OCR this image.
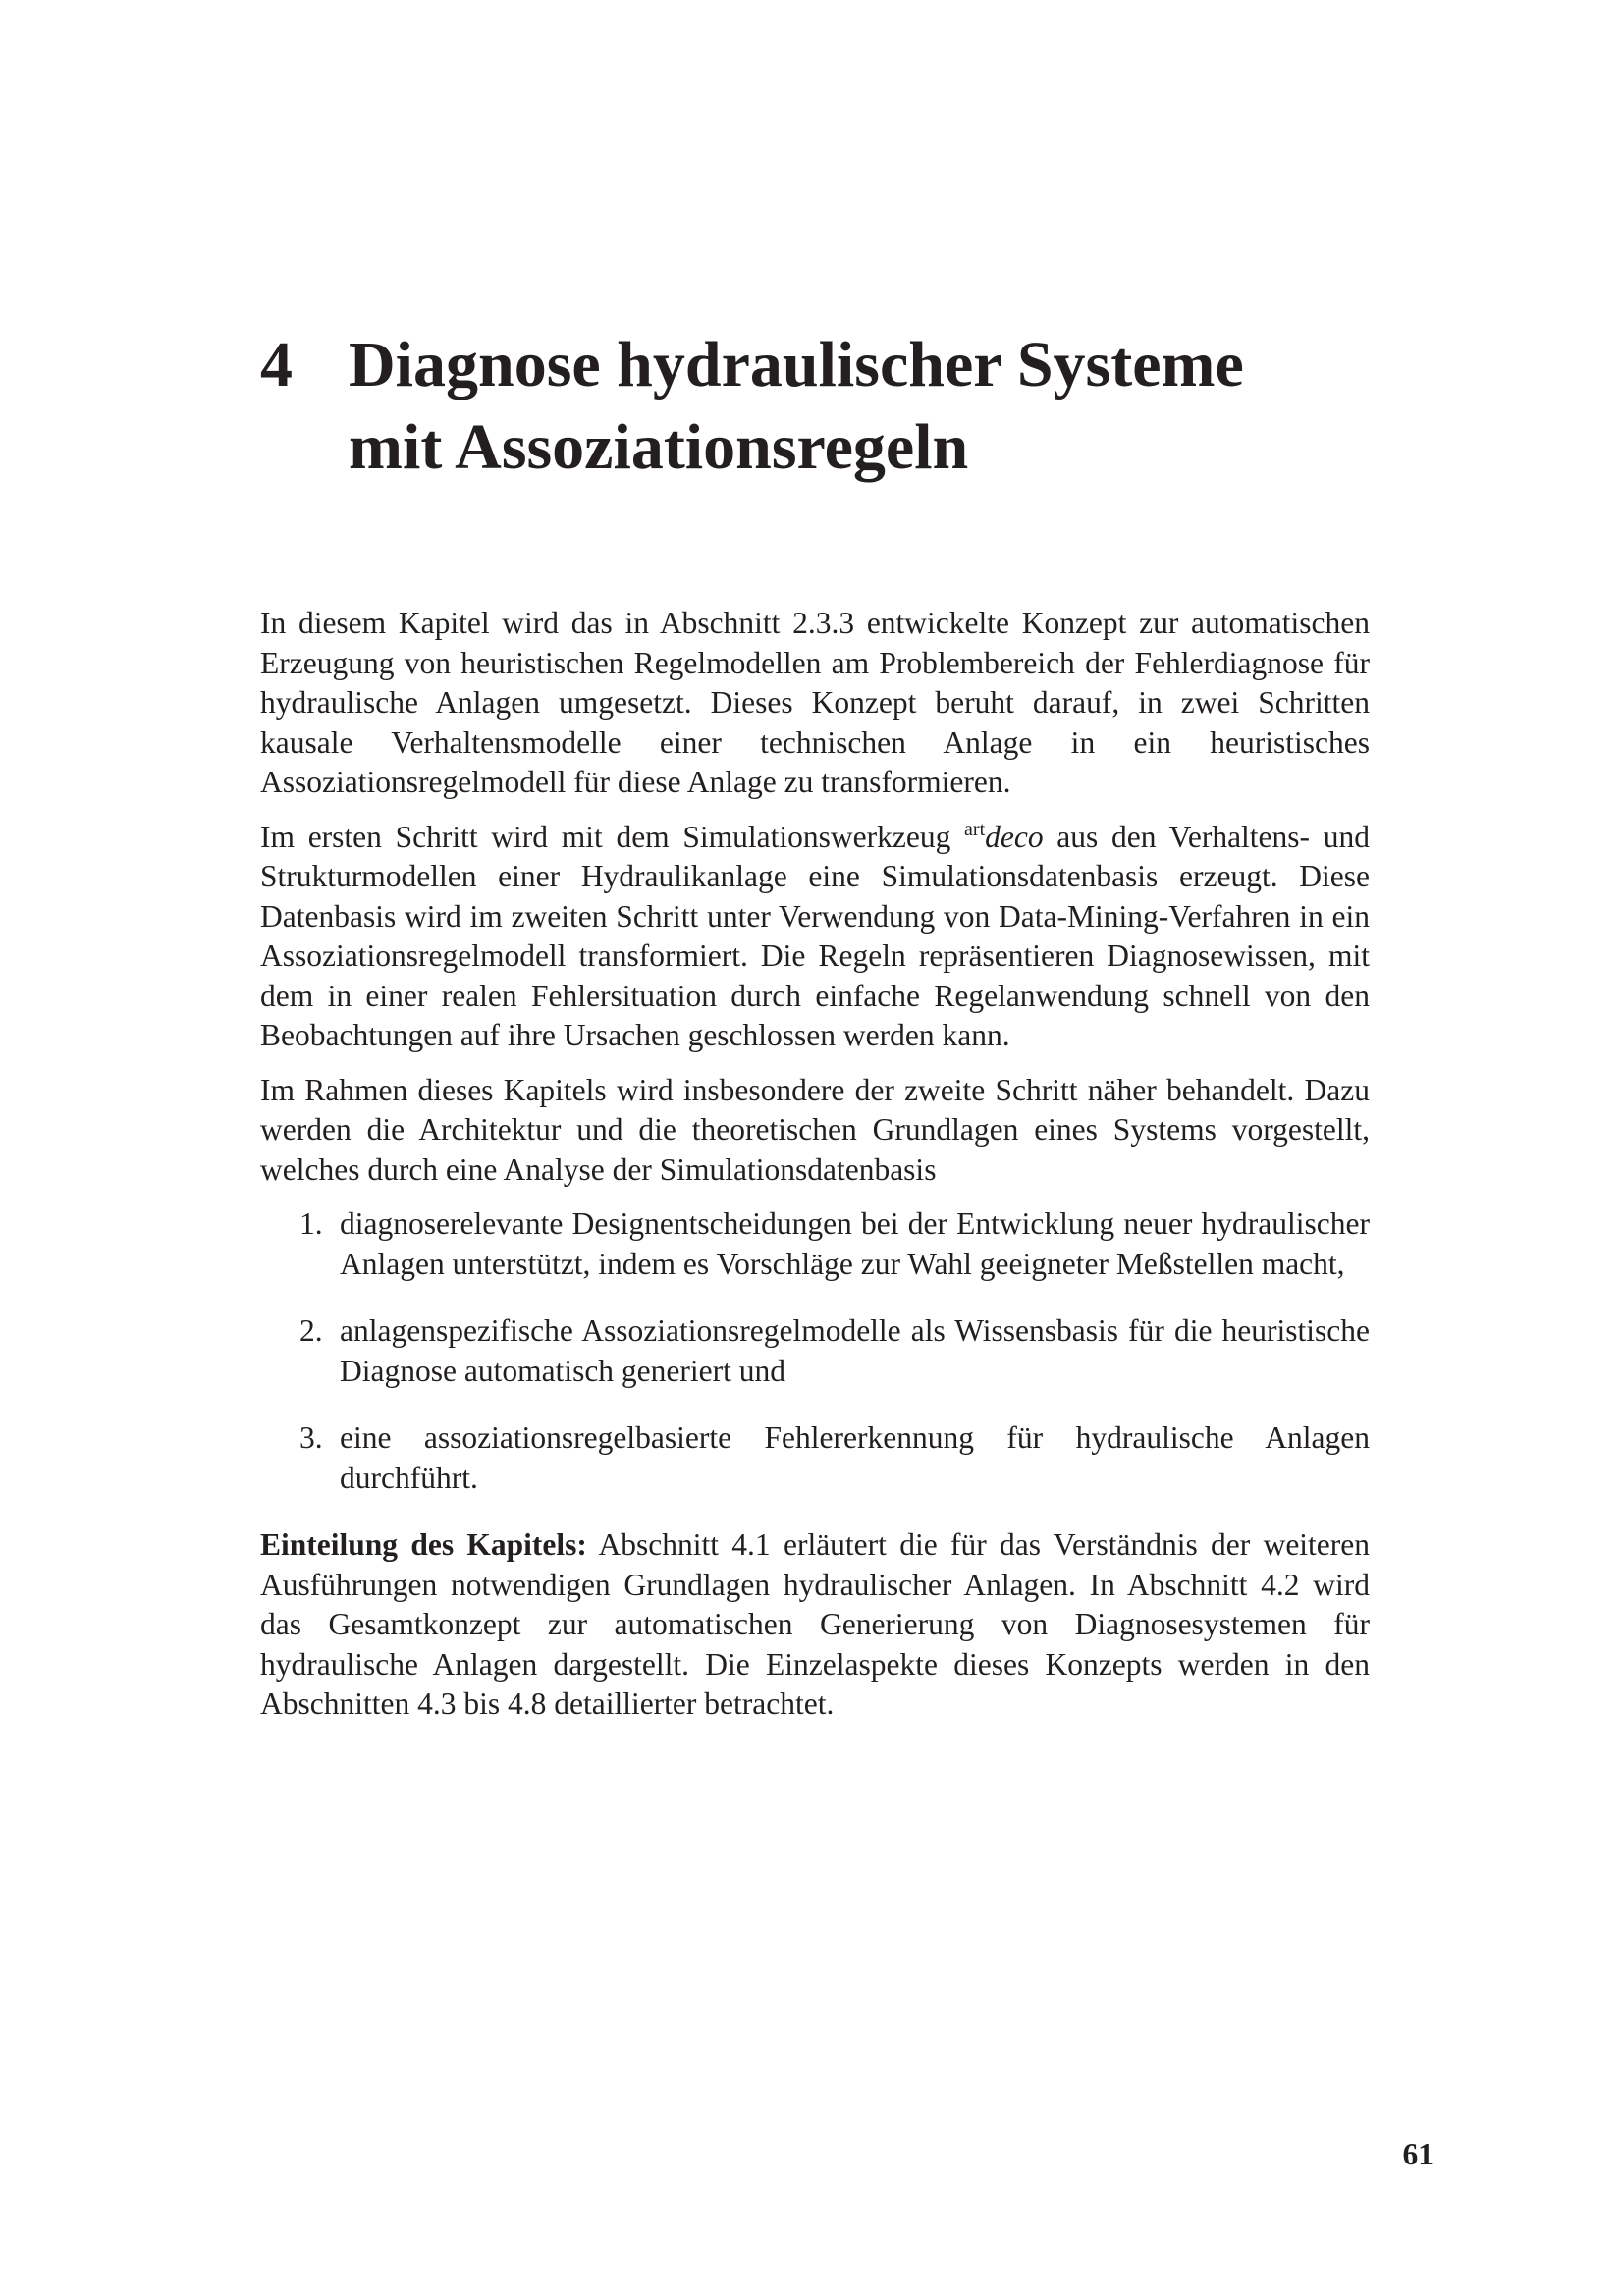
4 Diagnose hydraulischer Systeme
mit Assoziationsregeln

In diesem Kapitel wird das in Abschnitt 2.3.3 entwickelte Konzept zur automatischen Erzeugung von heuristischen Regelmodellen am Problembereich der Fehlerdiagnose für hydraulische Anlagen umgesetzt. Dieses Konzept beruht darauf, in zwei Schritten kausale Verhaltensmodelle einer technischen Anlage in ein heuristisches Assoziationsregelmodell für diese Anlage zu transformieren.

Im ersten Schritt wird mit dem Simulationswerkzeug $^{art}$deco aus den Verhaltens- und Strukturmodellen einer Hydraulikanlage eine Simulationsdatenbasis erzeugt. Diese Datenbasis wird im zweiten Schritt unter Verwendung von Data-Mining-Verfahren in ein Assoziationsregelmodell transformiert. Die Regeln repräsentieren Diagnosewissen, mit dem in einer realen Fehlersituation durch einfache Regelanwendung schnell von den Beobachtungen auf ihre Ursachen geschlossen werden kann.

Im Rahmen dieses Kapitels wird insbesondere der zweite Schritt näher behandelt. Dazu werden die Architektur und die theoretischen Grundlagen eines Systems vorgestellt, welches durch eine Analyse der Simulationsdatenbasis

1. diagnoserelevante Designentscheidungen bei der Entwicklung neuer hydraulischer Anlagen unterstützt, indem es Vorschläge zur Wahl geeigneter Meßstellen macht,
2. anlagenspezifische Assoziationsregelmodelle als Wissensbasis für die heuristische Diagnose automatisch generiert und
3. eine assoziationsregelbasierte Fehlererkennung für hydraulische Anlagen durchführt.

Einteilung des Kapitels: Abschnitt 4.1 erläutert die für das Verständnis der weiteren Ausführungen notwendigen Grundlagen hydraulischer Anlagen. In Abschnitt 4.2 wird das Gesamtkonzept zur automatischen Generierung von Diagnosesystemen für hydraulische Anlagen dargestellt. Die Einzelaspekte dieses Konzepts werden in den Abschnitten 4.3 bis 4.8 detaillierter betrachtet.

61
